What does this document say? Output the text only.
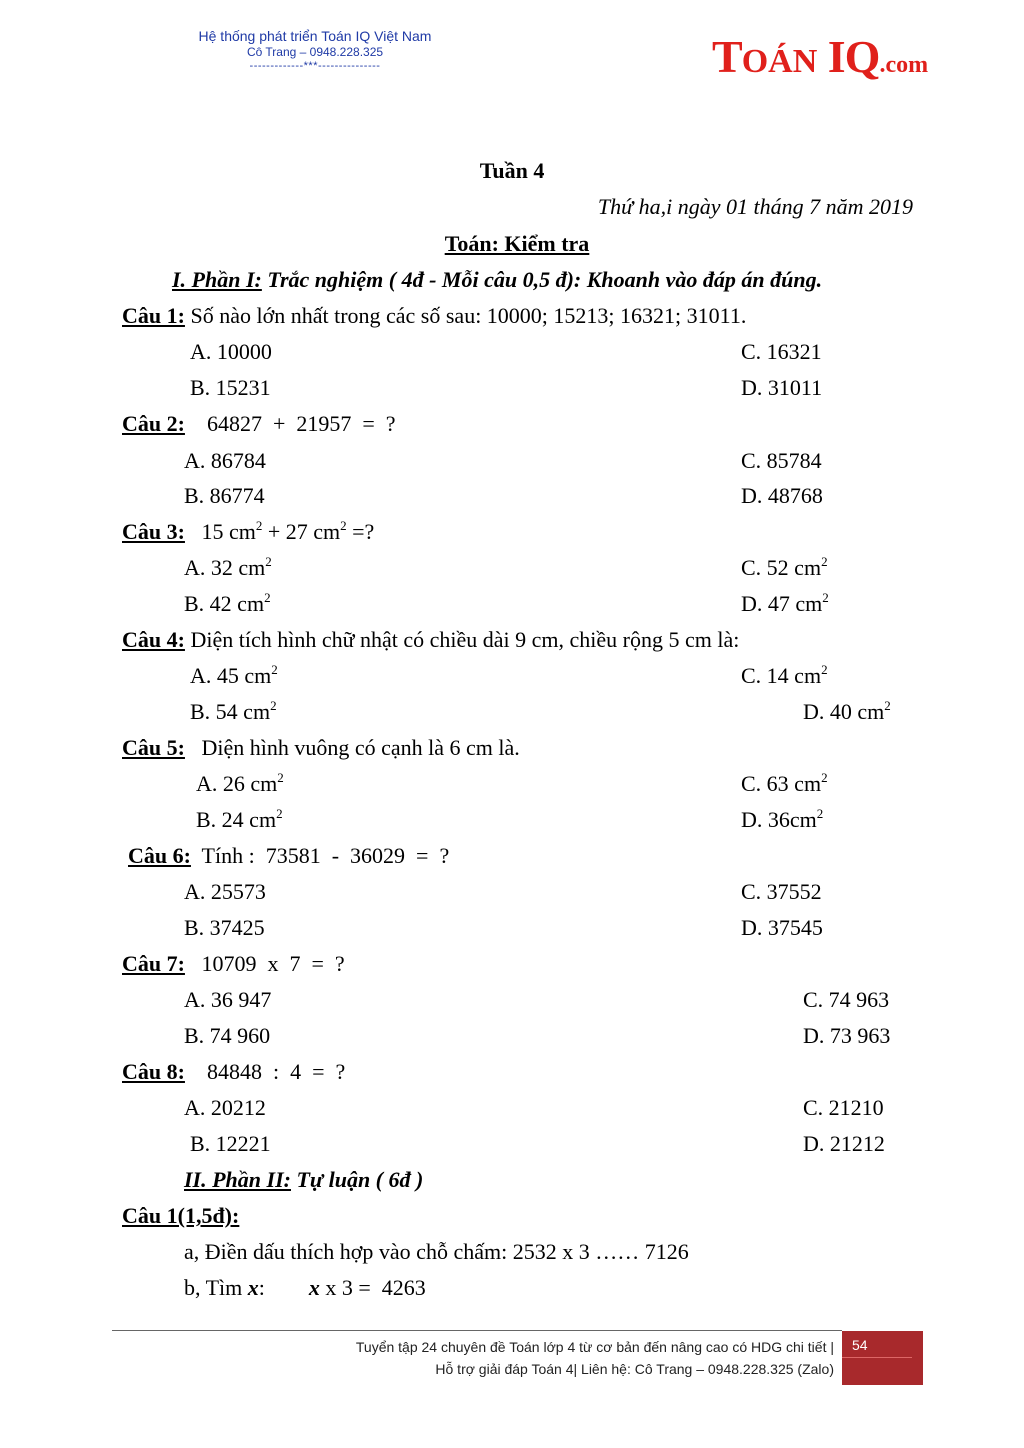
Hệ thống phát triển Toán IQ Việt Nam
Cô Trang – 0948.228.325
-------------***---------------	TOÁN IQ.com
Tuần 4
Thứ ha,i ngày 01 tháng 7 năm 2019
Toán: Kiểm tra
I. Phần I: Trắc nghiệm ( 4đ - Mỗi câu 0,5 đ): Khoanh vào đáp án đúng.
Câu 1: Số nào lớn nhất trong các số sau: 10000; 15213; 16321; 31011.
A. 10000	C. 16321
B. 15231	D. 31011
Câu 2:    64827  +  21957  =  ?
A. 86784	C. 85784
B. 86774	D. 48768
Câu 3:   15 $cm^2 + 27$ $cm^2$ =?
A. 32 $cm^2$	C. 52 $cm^2$
B. 42 $cm^2$	D. 47 $cm^2$
Câu 4: Diện tích hình chữ nhật có chiều dài 9 cm, chiều rộng 5 cm là:
A. 45 $cm^2$	C. 14 $cm^2$
B. 54 $cm^2$	D. 40 $cm^2$
Câu 5:   Diện hình vuông có cạnh là 6 cm là.
A. 26 $cm^2$	C. 63 $cm^2$
B. 24 $cm^2$	D. $36cm^2$
Câu 6:  Tính :  73581  -  36029  =  ?
A. 25573	C. 37552
B. 37425	D. 37545
Câu 7:   10709  x  7  =  ?
A. 36 947	C. 74 963
B. 74 960	D. 73 963
Câu 8:    84848  :  4  =  ?
A. 20212	C. 21210
B. 12221	D. 21212
II. Phần II: Tự luận ( 6đ )
Câu 1(1,5đ):
a, Điền dấu thích hợp vào chỗ chấm: 2532 x 3 …… 7126
b, Tìm x:        x x 3 =  4263
Tuyển tập 24 chuyên đề Toán lớp 4 từ cơ bản đến nâng cao có HDG chi tiết |
Hỗ trợ giải đáp Toán 4| Liên hệ: Cô Trang – 0948.228.325 (Zalo)
54
